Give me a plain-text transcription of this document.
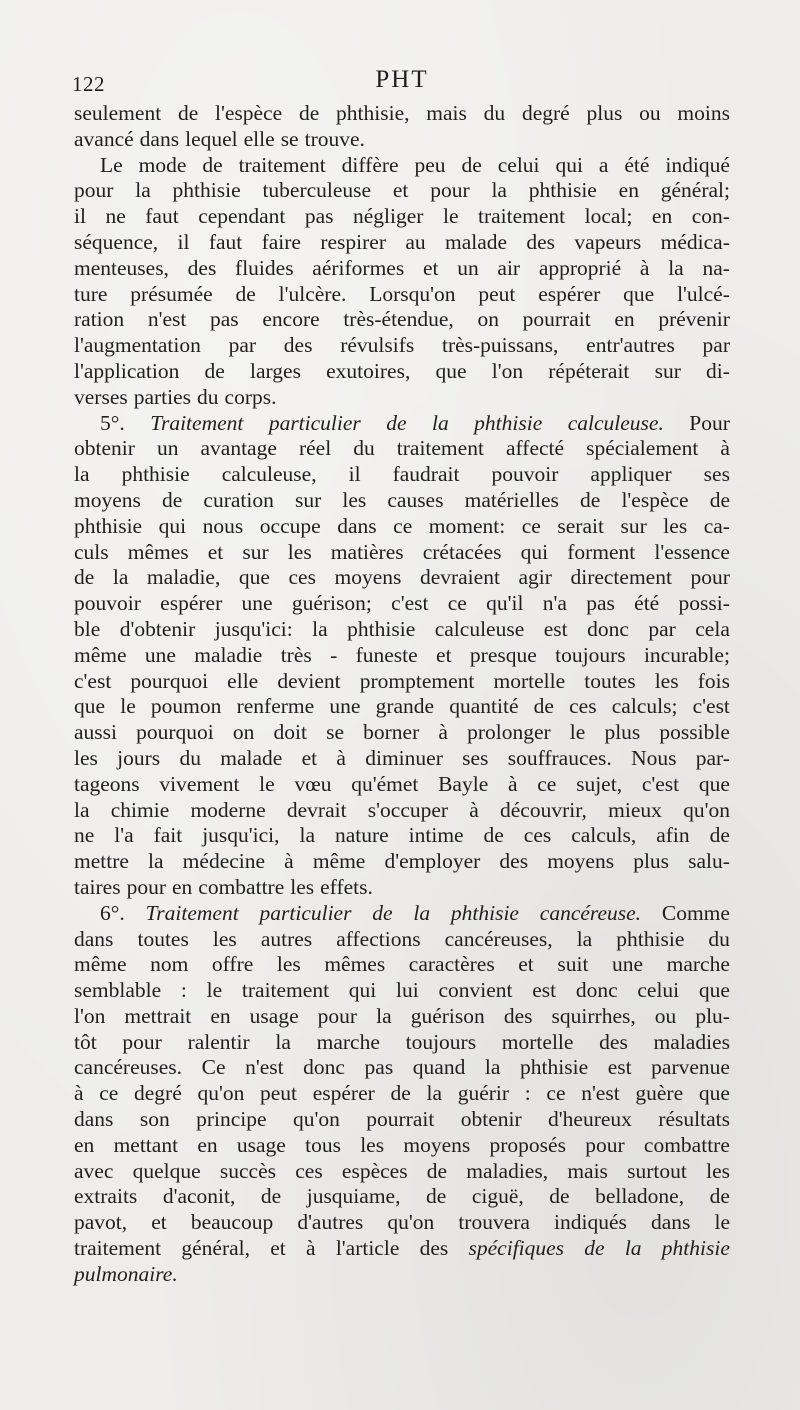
122	PHT
seulement de l'espèce de phthisie, mais du degré plus ou moins
avancé dans lequel elle se trouve.
Le mode de traitement diffère peu de celui qui a été indiqué
pour la phthisie tuberculeuse et pour la phthisie en général;
il ne faut cependant pas négliger le traitement local; en con-
séquence, il faut faire respirer au malade des vapeurs médica-
menteuses, des fluides aériformes et un air approprié à la na-
ture présumée de l'ulcère. Lorsqu'on peut espérer que l'ulcé-
ration n'est pas encore très-étendue, on pourrait en prévenir
l'augmentation par des révulsifs très-puissans, entr'autres par
l'application de larges exutoires, que l'on répéterait sur di-
verses parties du corps.
5°. Traitement particulier de la phthisie calculeuse. Pour
obtenir un avantage réel du traitement affecté spécialement à
la phthisie calculeuse, il faudrait pouvoir appliquer ses
moyens de curation sur les causes matérielles de l'espèce de
phthisie qui nous occupe dans ce moment: ce serait sur les ca-
culs mêmes et sur les matières crétacées qui forment l'essence
de la maladie, que ces moyens devraient agir directement pour
pouvoir espérer une guérison; c'est ce qu'il n'a pas été possi-
ble d'obtenir jusqu'ici: la phthisie calculeuse est donc par cela
même une maladie très - funeste et presque toujours incurable;
c'est pourquoi elle devient promptement mortelle toutes les fois
que le poumon renferme une grande quantité de ces calculs; c'est
aussi pourquoi on doit se borner à prolonger le plus possible
les jours du malade et à diminuer ses souffrauces. Nous par-
tageons vivement le vœu qu'émet Bayle à ce sujet, c'est que
la chimie moderne devrait s'occuper à découvrir, mieux qu'on
ne l'a fait jusqu'ici, la nature intime de ces calculs, afin de
mettre la médecine à même d'employer des moyens plus salu-
taires pour en combattre les effets.
6°. Traitement particulier de la phthisie cancéreuse. Comme
dans toutes les autres affections cancéreuses, la phthisie du
même nom offre les mêmes caractères et suit une marche
semblable : le traitement qui lui convient est donc celui que
l'on mettrait en usage pour la guérison des squirrhes, ou plu-
tôt pour ralentir la marche toujours mortelle des maladies
cancéreuses. Ce n'est donc pas quand la phthisie est parvenue
à ce degré qu'on peut espérer de la guérir : ce n'est guère que
dans son principe qu'on pourrait obtenir d'heureux résultats
en mettant en usage tous les moyens proposés pour combattre
avec quelque succès ces espèces de maladies, mais surtout les
extraits d'aconit, de jusquiame, de ciguë, de belladone, de
pavot, et beaucoup d'autres qu'on trouvera indiqués dans le
traitement général, et à l'article des spécifiques de la phthisie
pulmonaire.
